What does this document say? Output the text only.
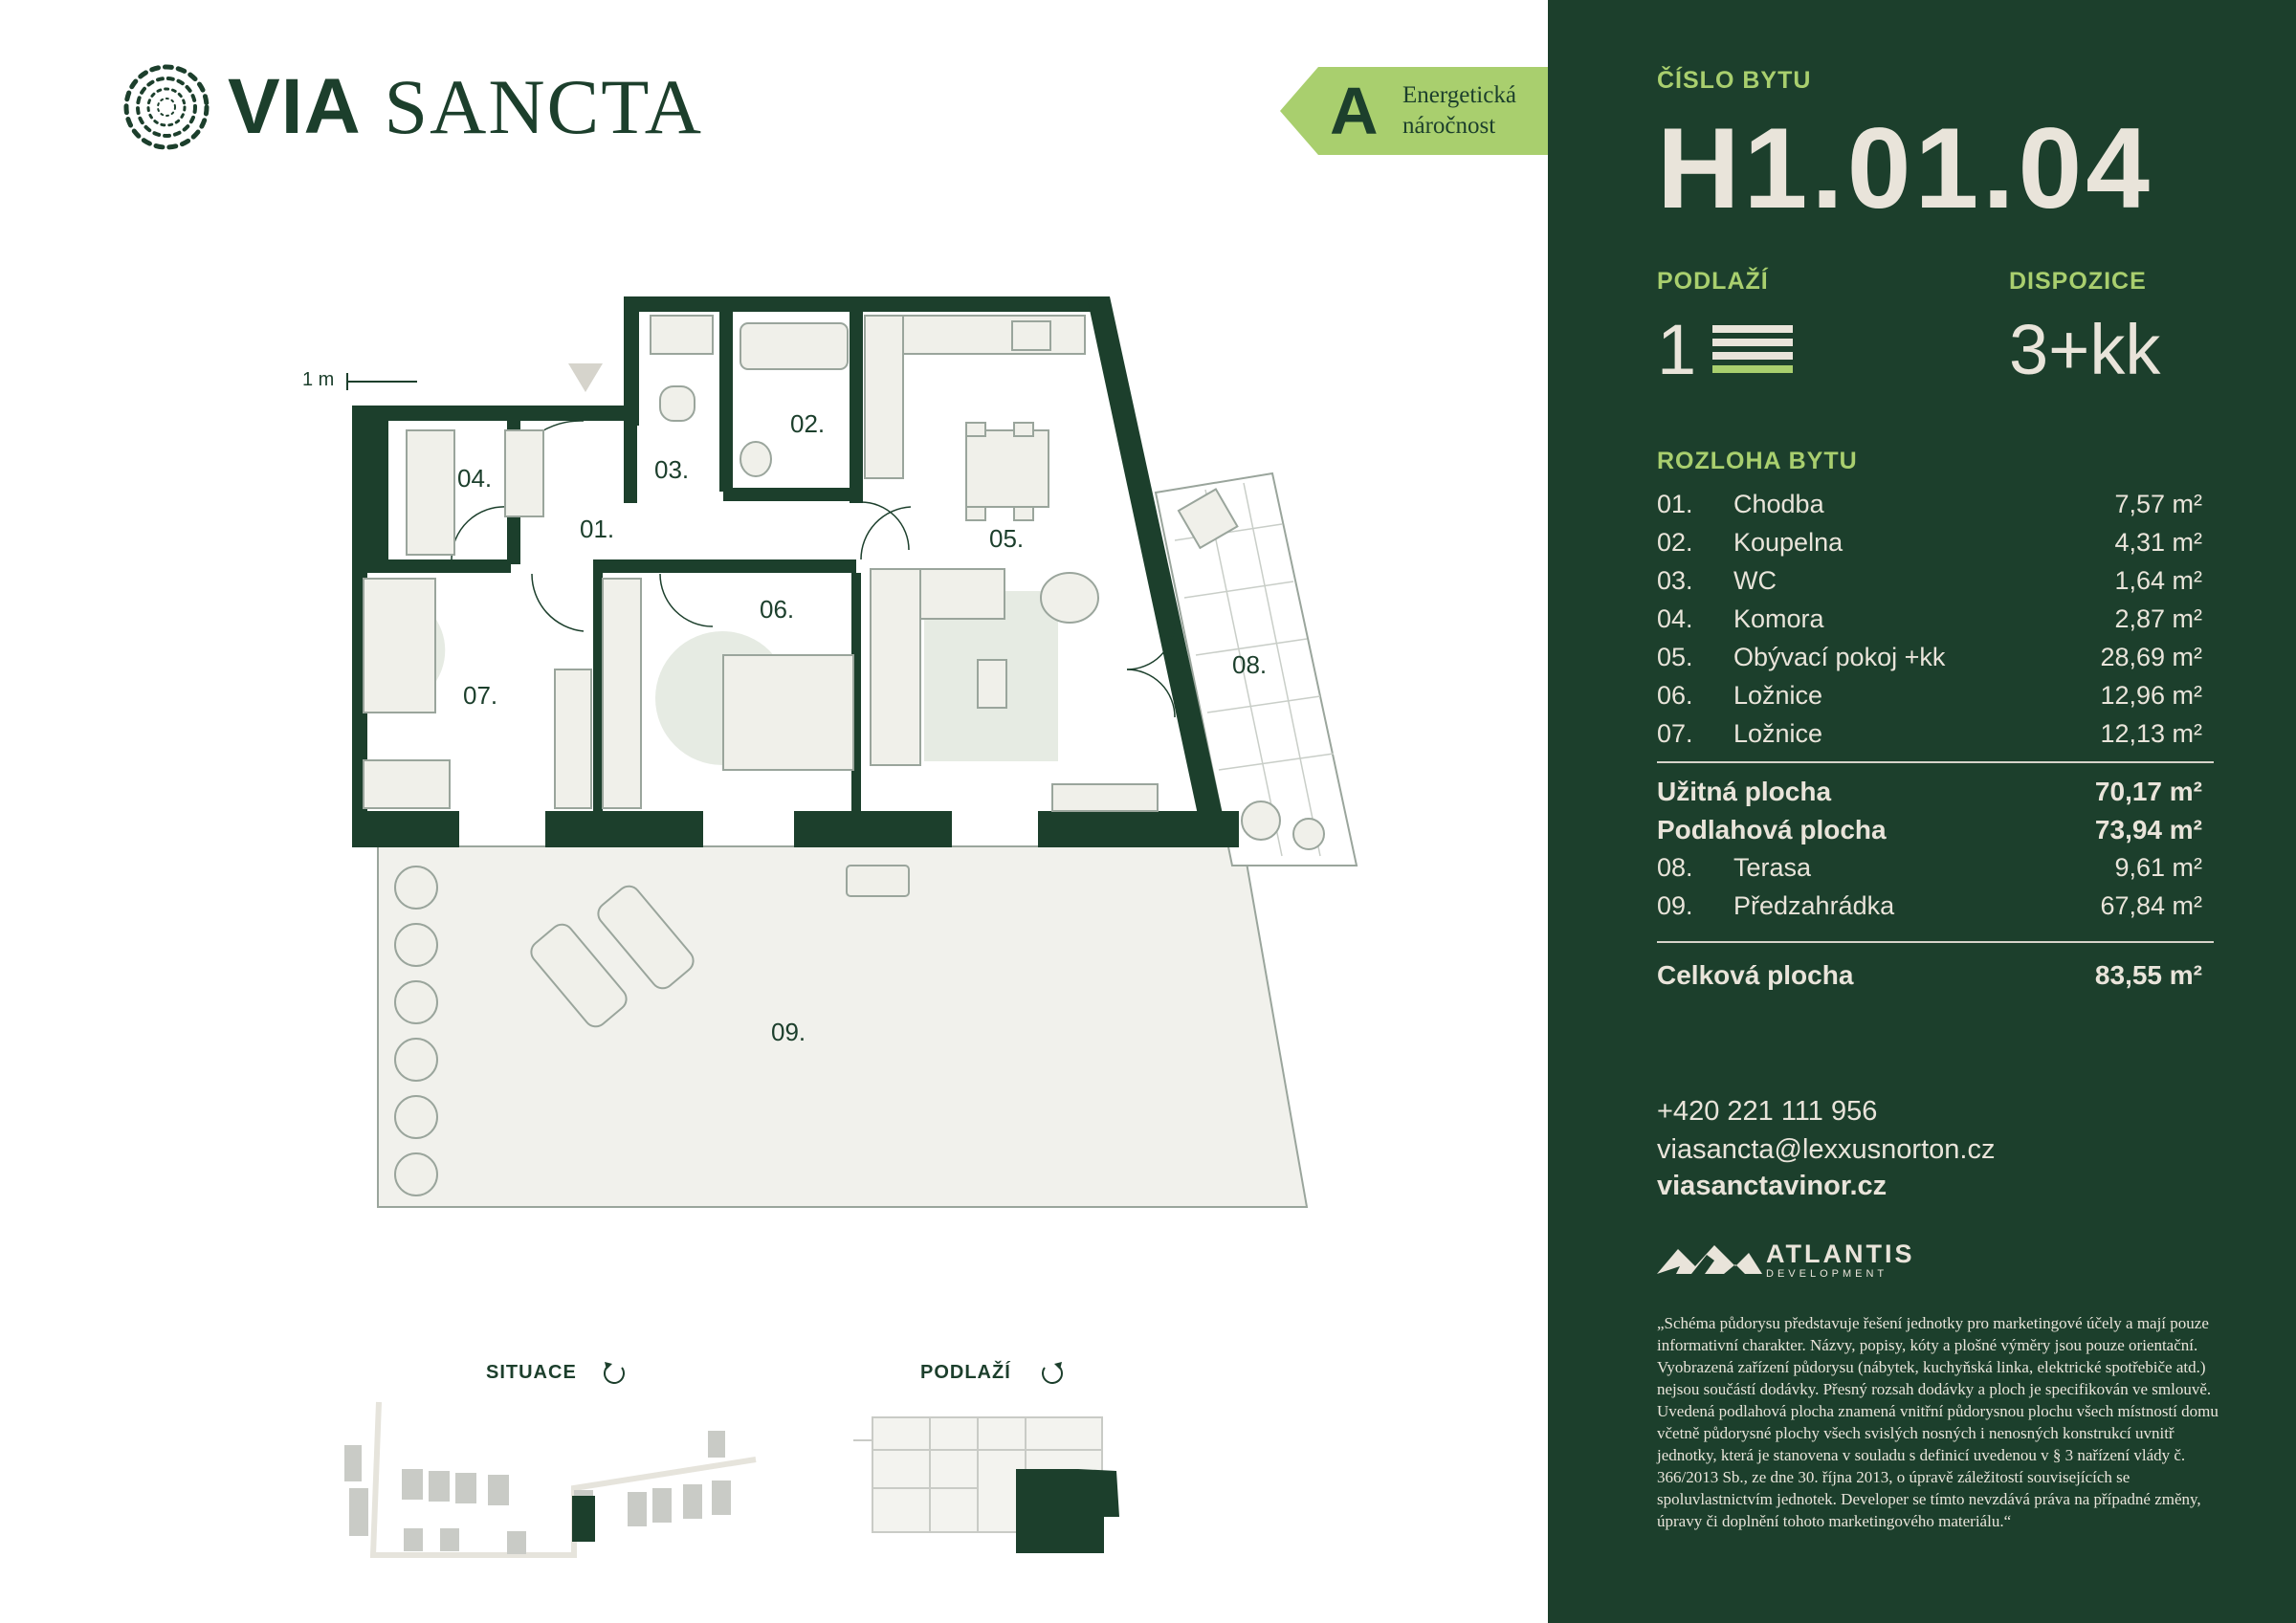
VIA SANCTA	A Energetická
náročnost
1 m
01.
02.
03.
04.
05.
06.
07.
08.
09.
SITUACE	PODLAŽÍ
ČÍSLO BYTU
H1.01.04
PODLAŽÍ
1
DISPOZICE
3+kk
ROZLOHA BYTU
01. Chodba	7,57 m²
02. Koupelna	4,31 m²
03. WC	1,64 m²
04. Komora	2,87 m²
05. Obývací pokoj +kk	28,69 m²
06. Ložnice	12,96 m²
07. Ložnice	12,13 m²
Užitná plocha	70,17 m²
Podlahová plocha	73,94 m²
08. Terasa	9,61 m²
09. Předzahrádka	67,84 m²
Celková plocha	83,55 m²
+420 221 111 956
viasancta@lexxusnorton.cz
viasanctavinor.cz
ATLANTIS
DEVELOPMENT
„Schéma půdorysu představuje řešení jednotky pro marketingové účely a mají pouze informativní charakter. Názvy, popisy, kóty a plošné výměry jsou pouze orientační. Vyobrazená zařízení půdorysu (nábytek, kuchyňská linka, elektrické spotřebiče atd.) nejsou součástí dodávky. Přesný rozsah dodávky a ploch je specifikován ve smlouvě. Uvedená podlahová plocha znamená vnitřní půdorysnou plochu všech místností domu včetně půdorysné plochy všech svislých nosných i nenosných konstrukcí uvnitř jednotky, která je stanovena v souladu s definicí uvedenou v § 3 nařízení vlády č. 366/2013 Sb., ze dne 30. října 2013, o úpravě záležitostí souvisejících se spoluvlastnictvím jednotek. Developer se tímto nevzdává práva na případné změny, úpravy či doplnění tohoto marketingového materiálu.“
